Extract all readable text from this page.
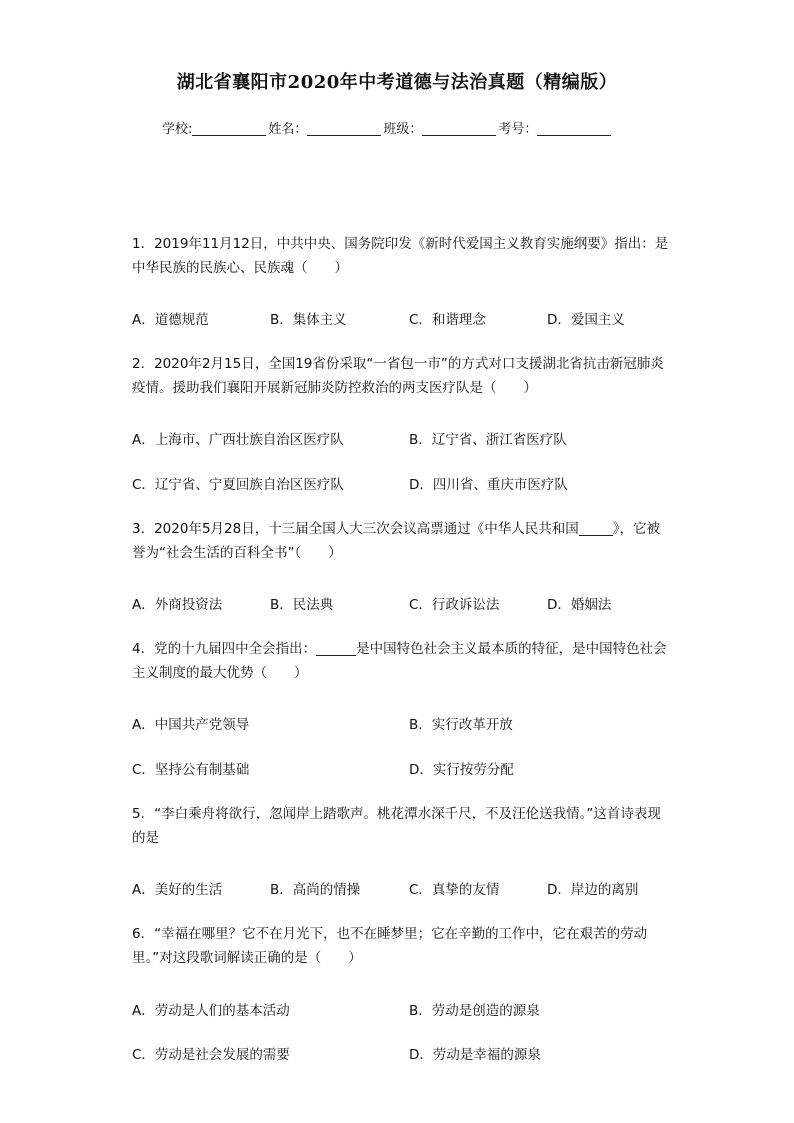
湖北省襄阳市2020年中考道德与法治真题（精编版）
学校:	姓名：	班级：	考号：

1．2019年11月12日，中共中央、国务院印发《新时代爱国主义教育实施纲要》指出：是中华民族的民族心、民族魂（　　）

A．道德规范	B．集体主义	C．和谐理念	D．爱国主义

2．2020年2月15日，全国19省份采取“一省包一市”的方式对口支援湖北省抗击新冠肺炎疫情。援助我们襄阳开展新冠肺炎防控救治的两支医疗队是（　　）

A．上海市、广西壮族自治区医疗队	B．辽宁省、浙江省医疗队
C．辽宁省、宁夏回族自治区医疗队	D．四川省、重庆市医疗队

3．2020年5月28日，十三届全国人大三次会议高票通过《中华人民共和国	》，它被誉为“社会生活的百科全书”（　　）

A．外商投资法	B．民法典	C．行政诉讼法	D．婚姻法

4．党的十九届四中全会指出：	是中国特色社会主义最本质的特征，是中国特色社会主义制度的最大优势（　　）

A．中国共产党领导	B．实行改革开放
C．坚持公有制基础	D．实行按劳分配

5．“李白乘舟将欲行，忽闻岸上踏歌声。桃花潭水深千尺，不及汪伦送我情。”这首诗表现的是

A．美好的生活	B．高尚的情操	C．真挚的友情	D．岸边的离别

6．“幸福在哪里？它不在月光下，也不在睡梦里；它在辛勤的工作中，它在艰苦的劳动里。”对这段歌词解读正确的是（　　）

A．劳动是人们的基本活动	B．劳动是创造的源泉
C．劳动是社会发展的需要	D．劳动是幸福的源泉
